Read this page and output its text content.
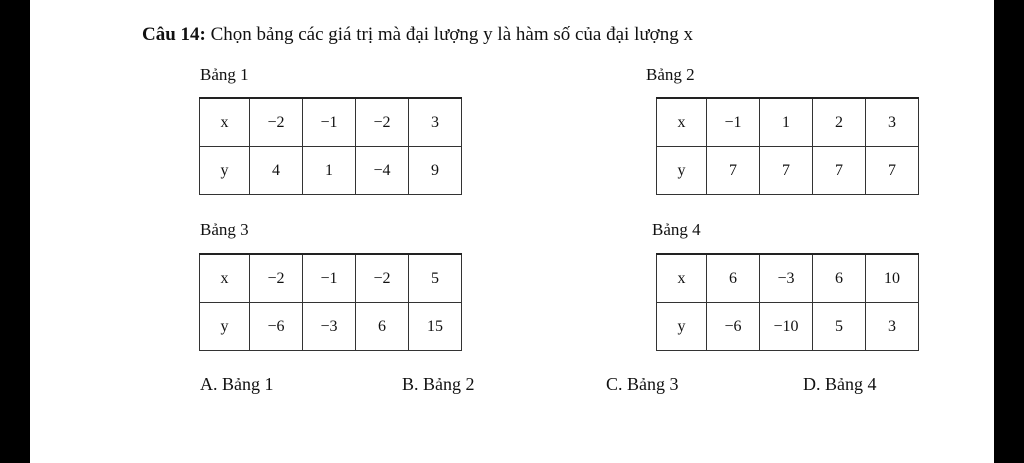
Câu 14: Chọn bảng các giá trị mà đại lượng y là hàm số của đại lượng x
Bảng 1
x	−2	−1	−2	3
y	4	1	−4	9
Bảng 2
x	−1	1	2	3
y	7	7	7	7
Bảng 3
x	−2	−1	−2	5
y	−6	−3	6	15
Bảng 4
x	6	−3	6	10
y	−6	−10	5	3
A. Bảng 1	B. Bảng 2	C. Bảng 3	D. Bảng 4
